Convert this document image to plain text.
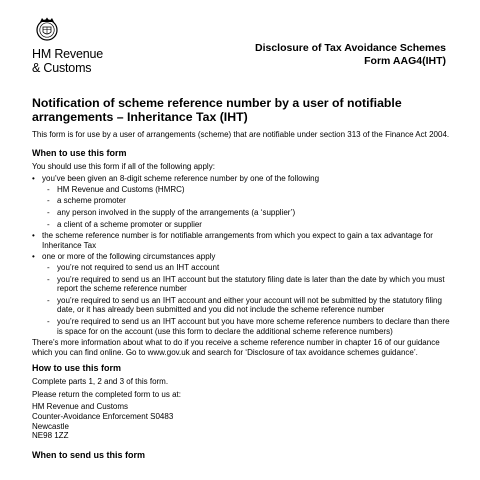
HM Revenue
& Customs
Disclosure of Tax Avoidance Schemes
Form AAG4(IHT)
Notification of scheme reference number by a user of notifiable arrangements – Inheritance Tax (IHT)
This form is for use by a user of arrangements (scheme) that are notifiable under section 313 of the Finance Act 2004.
When to use this form

You should use this form if all of the following apply:

• you’ve been given an 8-digit scheme reference number by one of the following
- HM Revenue and Customs (HMRC)
- a scheme promoter
- any person involved in the supply of the arrangements (a ‘supplier’)
- a client of a scheme promoter or supplier
• the scheme reference number is for notifiable arrangements from which you expect to gain a tax advantage for Inheritance Tax
• one or more of the following circumstances apply
- you’re not required to send us an IHT account
- you’re required to send us an IHT account but the statutory filing date is later than the date by which you must report the scheme reference number
- you’re required to send us an IHT account and either your account will not be submitted by the statutory filing date, or it has already been submitted and you did not include the scheme reference number
- you’re required to send us an IHT account but you have more scheme reference numbers to declare than there is space for on the account (use this form to declare the additional scheme reference numbers)

There’s more information about what to do if you receive a scheme reference number in chapter 16 of our guidance which you can find online. Go to www.gov.uk and search for ‘Disclosure of tax avoidance schemes guidance’.

How to use this form

Complete parts 1, 2 and 3 of this form.

Please return the completed form to us at:

HM Revenue and Customs
Counter-Avoidance Enforcement S0483
Newcastle
NE98 1ZZ
When to send us this form
